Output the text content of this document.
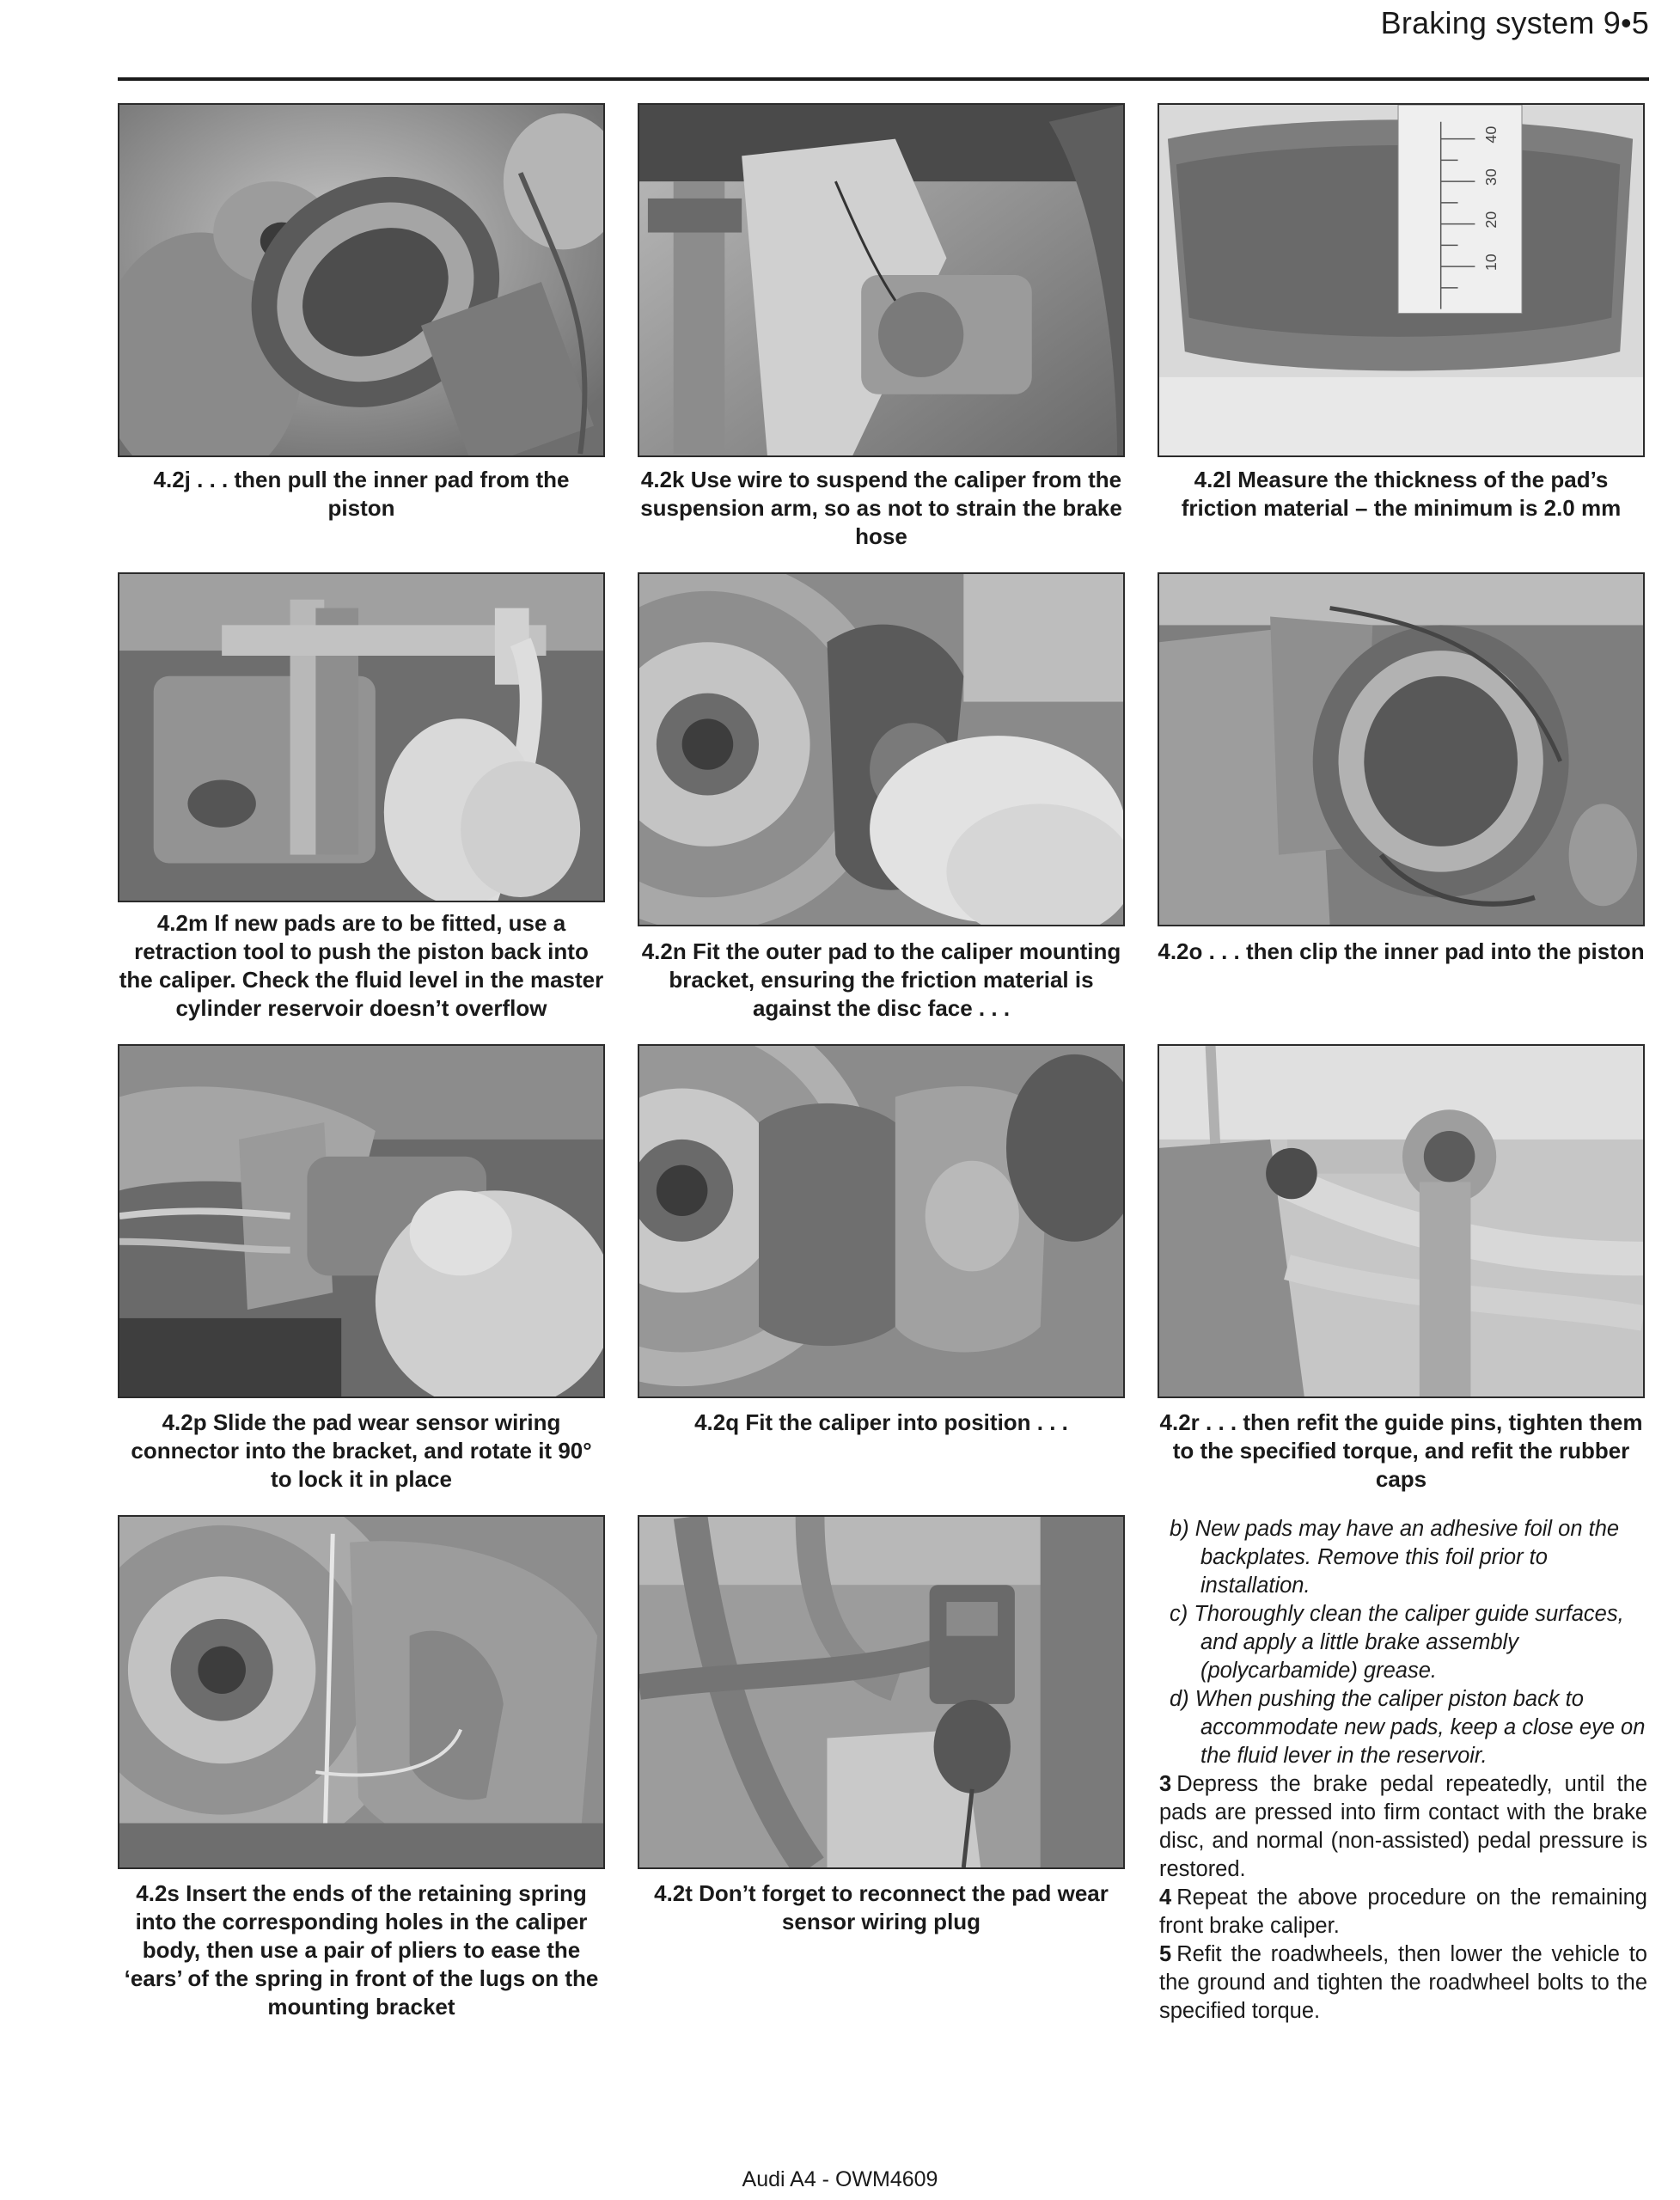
Braking system 9•5
10
20
30
40

4.2j . . . then pull the inner pad from the piston

4.2k Use wire to suspend the caliper from the suspension arm, so as not to strain the brake hose

4.2l Measure the thickness of the pad’s friction material – the minimum is 2.0 mm

4.2m If new pads are to be fitted, use a retraction tool to push the piston back into the caliper. Check the fluid level in the master cylinder reservoir doesn’t overflow

4.2n Fit the outer pad to the caliper mounting bracket, ensuring the friction material is against the disc face . . .

4.2o . . . then clip the inner pad into the piston

4.2p Slide the pad wear sensor wiring connector into the bracket, and rotate it 90° to lock it in place

4.2q Fit the caliper into position . . .	4.2r . . . then refit the guide pins, tighten them to the specified torque, and refit the rubber caps

4.2s Insert the ends of the retaining spring into the corresponding holes in the caliper body, then use a pair of pliers to ease the ‘ears’ of the spring in front of the lugs on the mounting bracket

4.2t Don’t forget to reconnect the pad wear sensor wiring plug

b) New pads may have an adhesive foil on the backplates. Remove this foil prior to installation.

c) Thoroughly clean the caliper guide surfaces, and apply a little brake assembly (polycarbamide) grease.

d) When pushing the caliper piston back to accommodate new pads, keep a close eye on the fluid lever in the reservoir.

3 Depress the brake pedal repeatedly, until the pads are pressed into firm contact with the brake disc, and normal (non-assisted) pedal pressure is restored.

4 Repeat the above procedure on the remaining front brake caliper.

5 Refit the roadwheels, then lower the vehicle to the ground and tighten the roadwheel bolts to the specified torque.

Audi A4 - OWM4609
